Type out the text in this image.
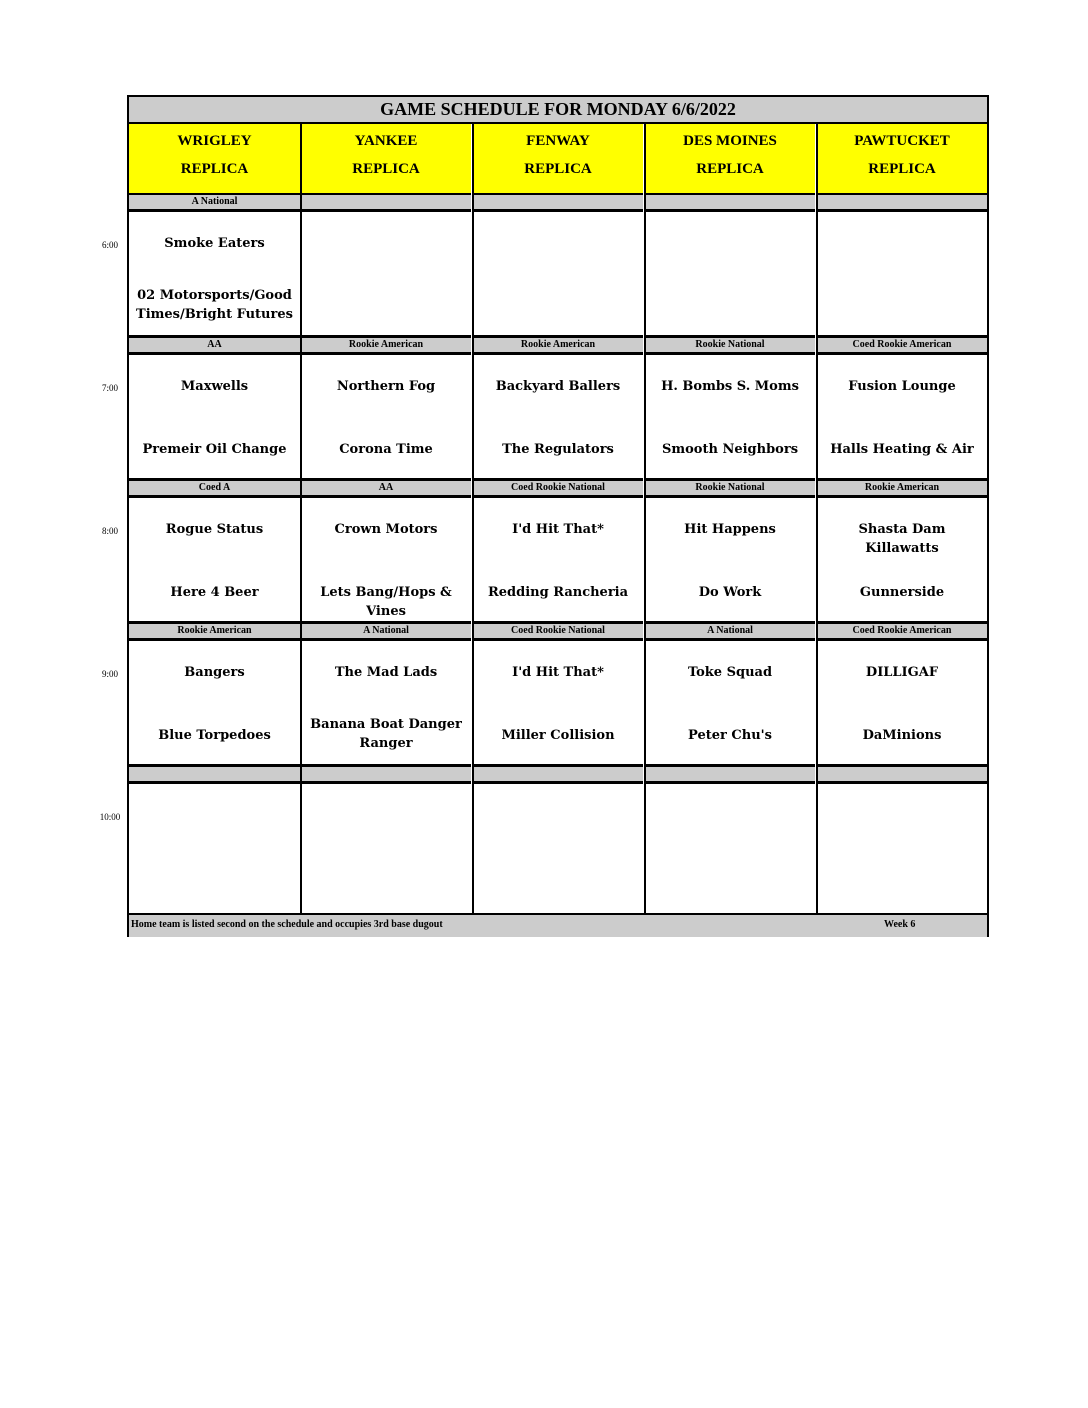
6:00
7:00
8:00
9:00
10:00
GAME SCHEDULE FOR MONDAY 6/6/2022
WRIGLEY
REPLICA
YANKEE
REPLICA
FENWAY
REPLICA
DES MOINES
REPLICA
PAWTUCKET
REPLICA
A National
Smoke Eaters
02 Motorsports/Good Times/Bright Futures
AA
Maxwells
Premeir Oil Change
Rookie American
Northern Fog
Corona Time
Rookie American
Backyard Ballers
The Regulators
Rookie National
H. Bombs S. Moms
Smooth Neighbors
Coed Rookie American
Fusion Lounge
Halls Heating & Air
Coed A
Rogue Status
Here 4 Beer
AA
Crown Motors
Lets Bang/Hops & Vines
Coed Rookie National
I'd Hit That*
Redding Rancheria
Rookie National
Hit Happens
Do Work
Rookie American
Shasta Dam Killawatts
Gunnerside
Rookie American
Bangers
Blue Torpedoes
A National
The Mad Lads
Banana Boat Danger Ranger
Coed Rookie National
I'd Hit That*
Miller Collision
A National
Toke Squad
Peter Chu's
Coed Rookie American
DILLIGAF
DaMinions
Home team is listed second on the schedule and occupies 3rd base dugout	Week 6
